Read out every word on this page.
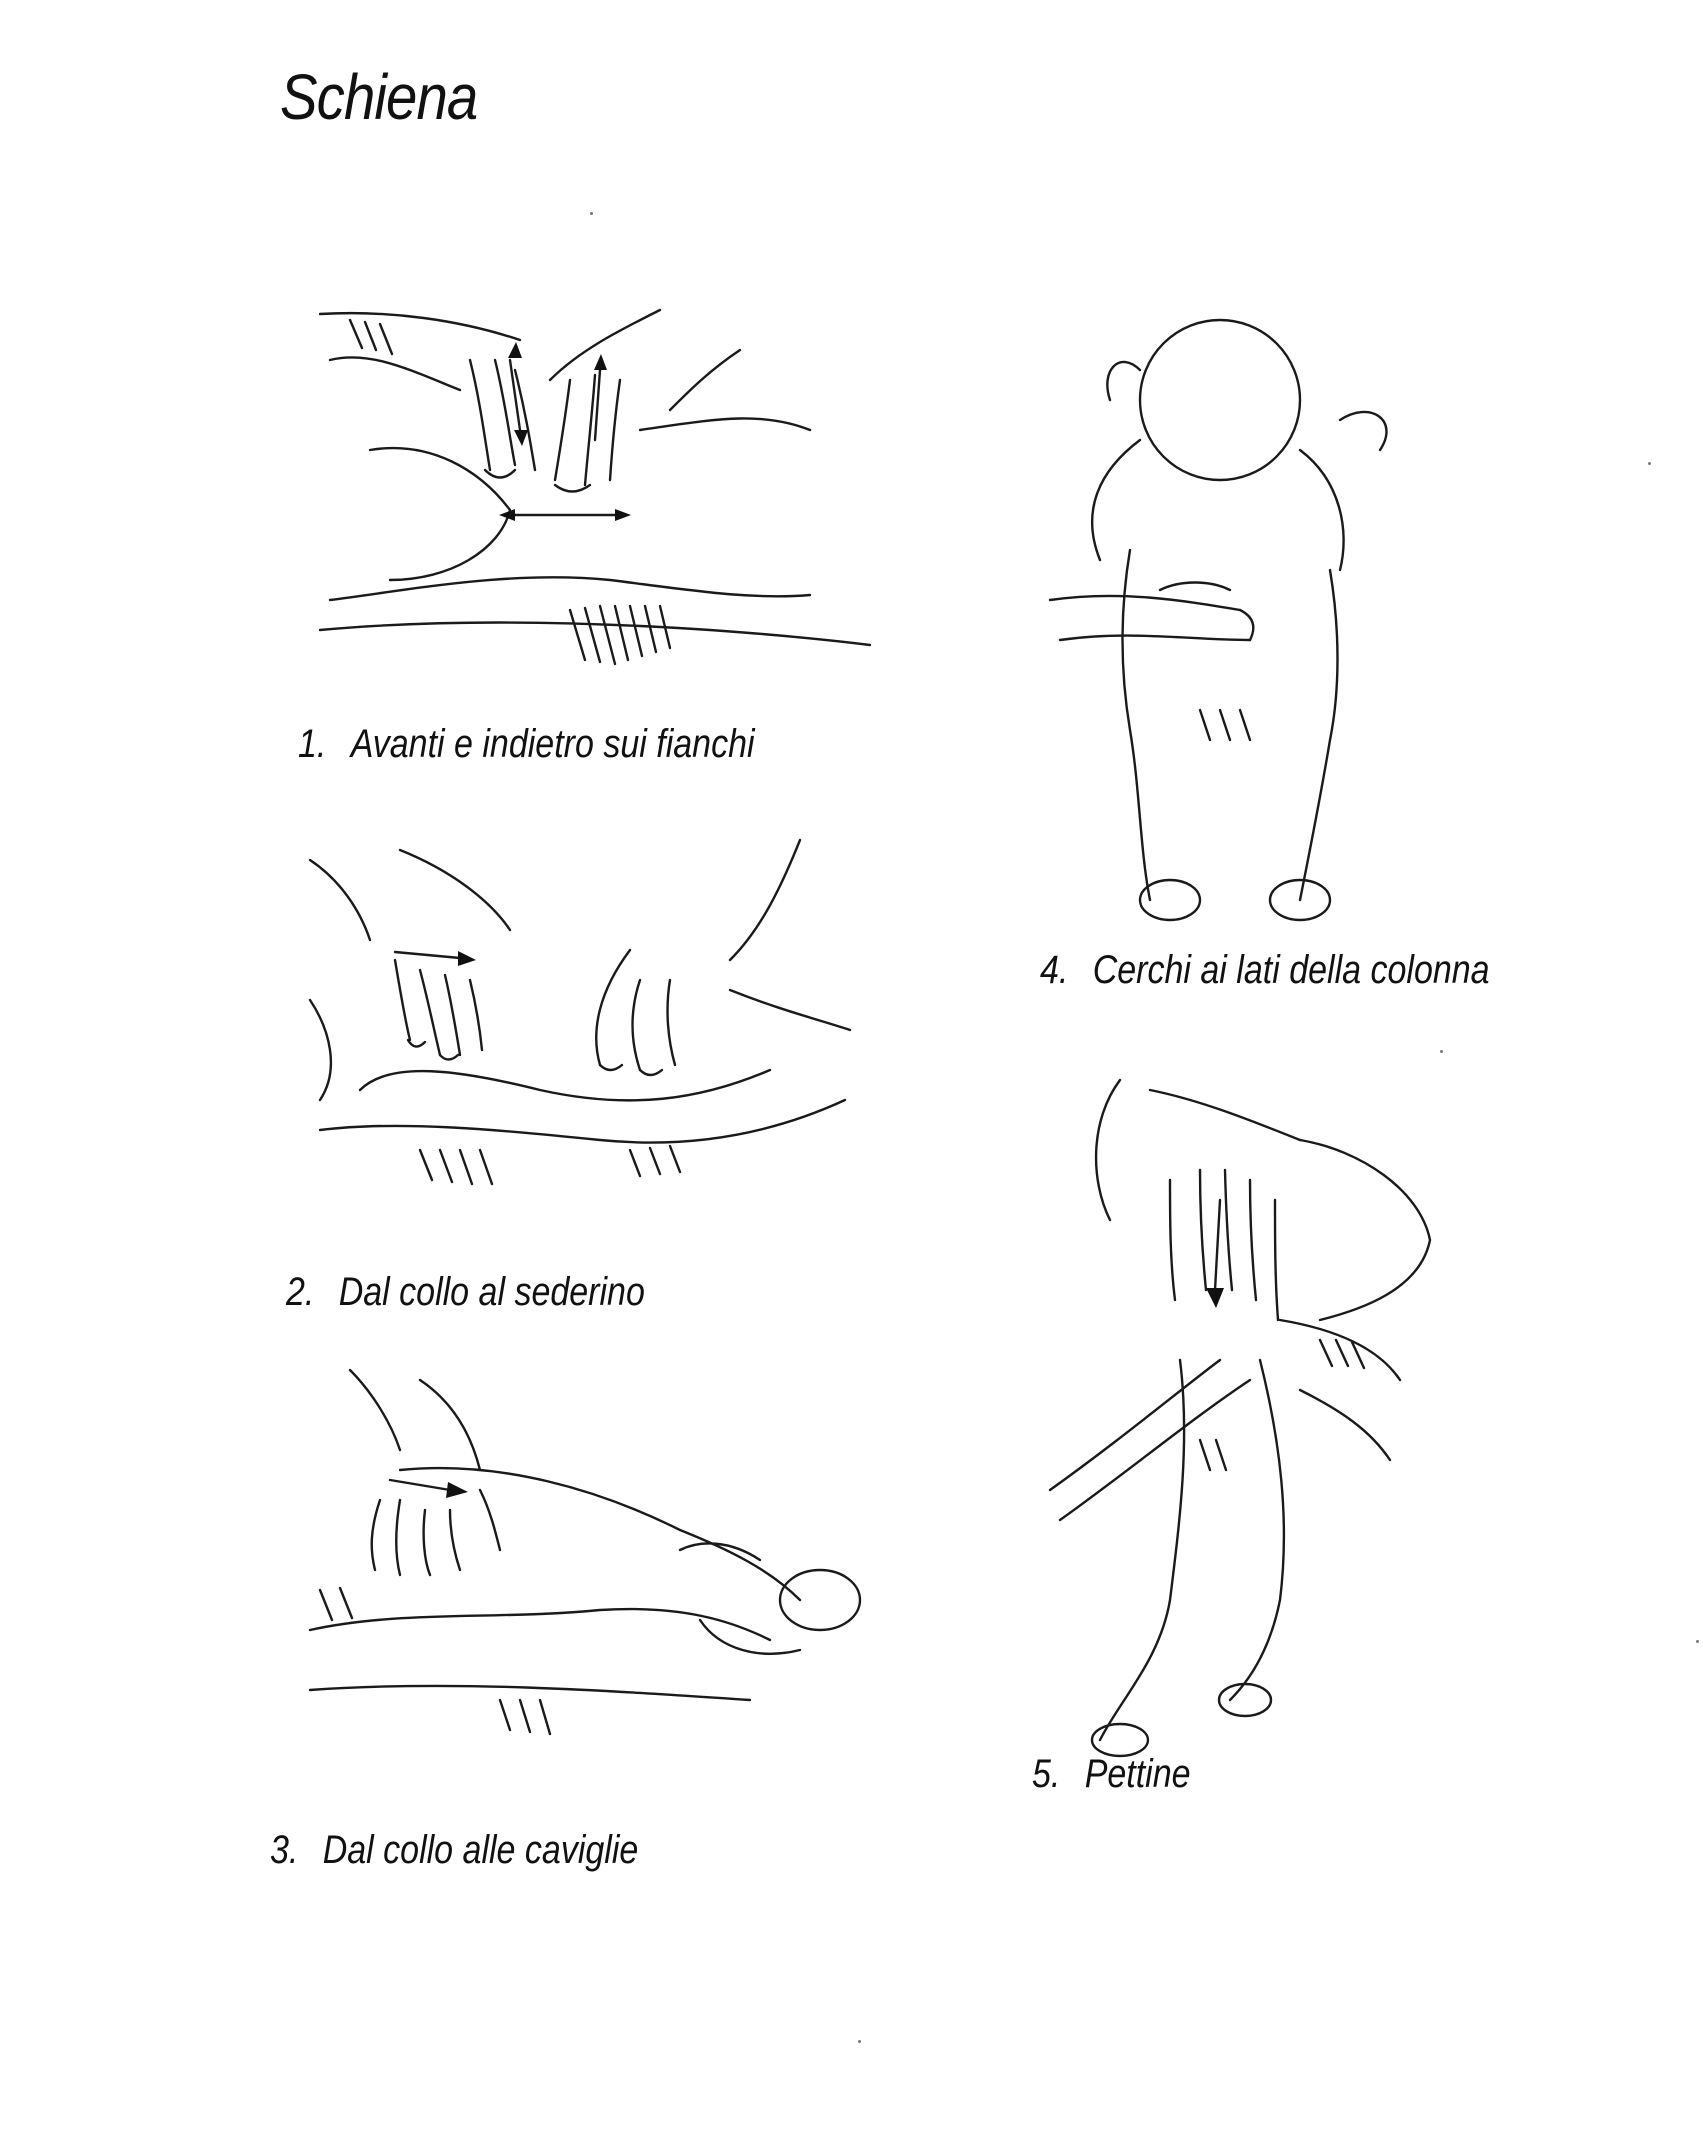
Schiena
1. Avanti e indietro sui fianchi
2. Dal collo al sederino
3. Dal collo alle caviglie
4. Cerchi ai lati della colonna
5. Pettine
